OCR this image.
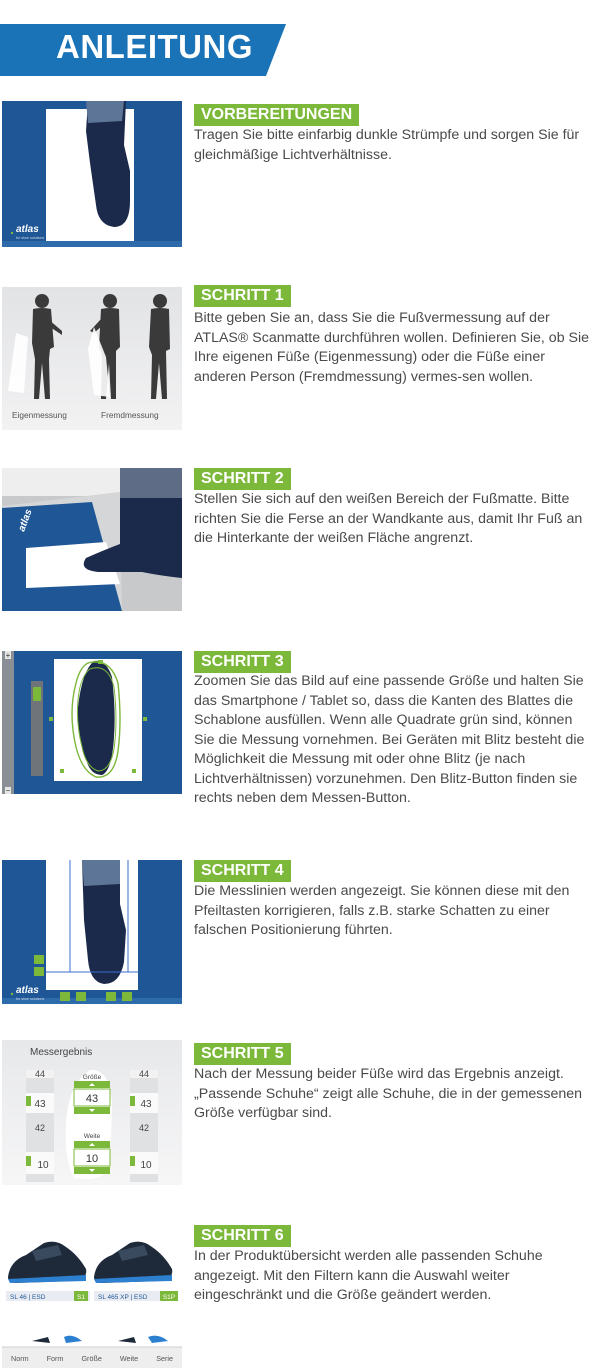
ANLEITUNG
atlas
for shoe solutions
VORBEREITUNGEN
Tragen Sie bitte einfarbig dunkle Strümpfe und sorgen Sie für gleichmäßige Lichtverhältnisse.
Eigenmessung	Fremdmessung
SCHRITT 1
Bitte geben Sie an, dass Sie die Fußvermessung auf der ATLAS® Scanmatte durchführen wollen. Definieren Sie, ob Sie Ihre eigenen Füße (Eigenmessung) oder die Füße einer anderen Person (Fremdmessung) vermes-sen wollen.
atlas
SCHRITT 2
Stellen Sie sich auf den weißen Bereich der Fußmatte. Bitte richten Sie die Ferse an der Wandkante aus, damit Ihr Fuß an die Hinterkante der weißen Fläche angrenzt.
+
−
SCHRITT 3
Zoomen Sie das Bild auf eine passende Größe und halten Sie das Smartphone / Tablet so, dass die Kanten des Blattes die Schablone ausfüllen. Wenn alle Quadrate grün sind, können Sie die Messung vornehmen. Bei Geräten mit Blitz besteht die Möglichkeit die Messung mit oder ohne Blitz (je nach Lichtverhältnissen) vorzunehmen. Den Blitz-Button finden sie rechts neben dem Messen-Button.
atlas
for shoe solutions
SCHRITT 4
Die Messlinien werden angezeigt. Sie können diese mit den Pfeiltasten korrigieren, falls z.B. starke Schatten zu einer falschen Positionierung führten.
Messergebnis
44
43
42
10
44
43
42
10
Größe
43
Weite
10
SCHRITT 5
Nach der Messung beider Füße wird das Ergebnis anzeigt. „Passende Schuhe“ zeigt alle Schuhe, die in der gemessenen Größe verfügbar sind.
SL 46 | ESD	S1 SL 465 XP | ESD S1P
Norm	Form	Größe	Weite	Serie
SCHRITT 6
In der Produktübersicht werden alle passenden Schuhe angezeigt. Mit den Filtern kann die Auswahl weiter eingeschränkt und die Größe geändert werden.
